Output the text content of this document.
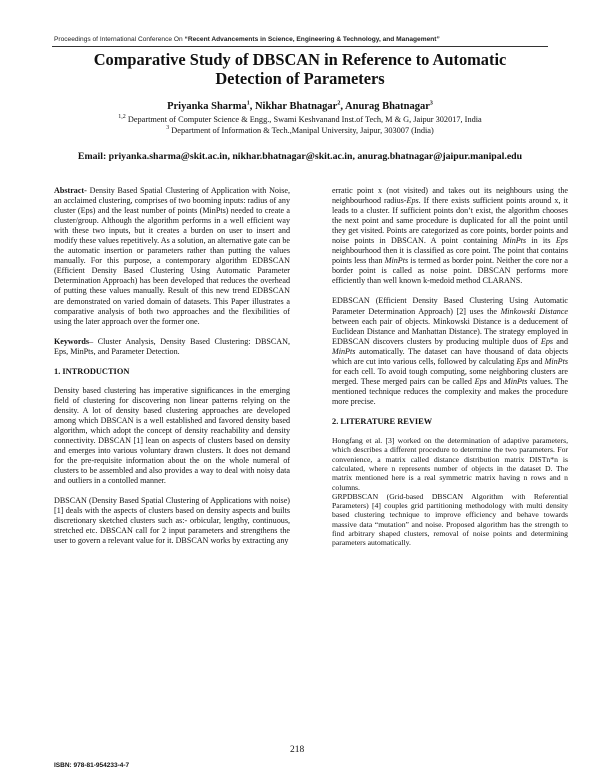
Proceedings of International Conference On “Recent Advancements in Science, Engineering & Technology, and Management”
Comparative Study of DBSCAN in Reference to Automatic
Detection of Parameters
Priyanka Sharma$^1$, Nikhar Bhatnagar$^2$, Anurag Bhatnagar$^3$
$^{1,2}$ Department of Computer Science & Engg., Swami Keshvanand Inst.of Tech, M & G, Jaipur 302017, India
$^3$ Department of Information & Tech.,Manipal University, Jaipur, 303007 (India)
Email: priyanka.sharma@skit.ac.in, nikhar.bhatnagar@skit.ac.in, anurag.bhatnagar@jaipur.manipal.edu

Abstract- Density Based Spatial Clustering of Application with Noise, an acclaimed clustering, comprises of two booming inputs: radius of any cluster (Eps) and the least number of points (MinPts) needed to create a cluster/group. Although the algorithm performs in a well efficient way with these two inputs, but it creates a burden on user to insert and modify these values repetitively. As a solution, an alternative gate can be the automatic insertion or parameters rather than putting the values manually. For this purpose, a contemporary algorithm EDBSCAN (Efficient Density Based Clustering Using Automatic Parameter Determination Approach) has been developed that reduces the overhead of putting these values manually. Result of this new trend EDBSCAN are demonstrated on varied domain of datasets. This Paper illustrates a comparative analysis of both two approaches and the flexibilities of using the later approach over the former one.

Keywords– Cluster Analysis, Density Based Clustering: DBSCAN, Eps, MinPts, and Parameter Detection.

1. INTRODUCTION

Density based clustering has imperative significances in the emerging field of clustering for discovering non linear patterns relying on the density. A lot of density based clustering approaches are developed among which DBSCAN is a well established and favored density based algorithm, which adopt the concept of density reachability and density connectivity. DBSCAN [1] lean on aspects of clusters based on density and emerges into various voluntary drawn clusters. It does not demand for the pre-requisite information about the on the whole numeral of clusters to be assembled and also provides a way to deal with noisy data and outliers in a contolled manner.

DBSCAN (Density Based Spatial Clustering of Applications with noise) [1] deals with the aspects of clusters based on density aspects and builts discretionary sketched clusters such as:- orbicular, lengthy, continuous, stretched etc. DBSCAN call for 2 input parameters and strengthens the user to govern a relevant value for it. DBSCAN works by extracting any

erratic point x (not visited) and takes out its neighbours using the neighbourhood radius-Eps. If there exists sufficient points around x, it leads to a cluster. If sufficient points don’t exist, the algorithm chooses the next point and same procedure is duplicated for all the point until they get visited. Points are categorized as core points, border points and noise points in DBSCAN. A point containing MinPts in its Eps neighbourhood then it is classified as core point. The point that contains points less than MinPts is termed as border point. Neither the core nor a border point is called as noise point. DBSCAN performs more efficiently than well known k-medoid method CLARANS.

EDBSCAN (Efficient Density Based Clustering Using Automatic Parameter Determination Approach) [2] uses the Minkowski Distance between each pair of objects. Minkowski Distance is a deducement of Euclidean Distance and Manhattan Distance). The strategy employed in EDBSCAN discovers clusters by producing multiple duos of Eps and MinPts automatically. The dataset can have thousand of data objects which are cut into various cells, followed by calculating Eps and MinPts for each cell. To avoid tough computing, some neighboring clusters are merged. These merged pairs can be called Eps and MinPts values. The mentioned technique reduces the complexity and makes the procedure more precise.

2. LITERATURE REVIEW

Hongfang et al. [3] worked on the determination of adaptive parameters, which describes a different procedure to determine the two parameters. For convenience, a matrix called distance distribution matrix DISTn*n is calculated, where n represents number of objects in the dataset D. The matrix mentioned here is a real symmetric matrix having n rows and n columns.

GRPDBSCAN (Grid-based DBSCAN Algorithm with Referential Parameters) [4] couples grid partitioning methodology with multi density based clustering technique to improve efficiency and behave towards massive data “mutation” and noise. Proposed algorithm has the strength to find arbitrary shaped clusters, removal of noise points and determining parameters automatically.

218
ISBN: 978-81-954233-4-7
